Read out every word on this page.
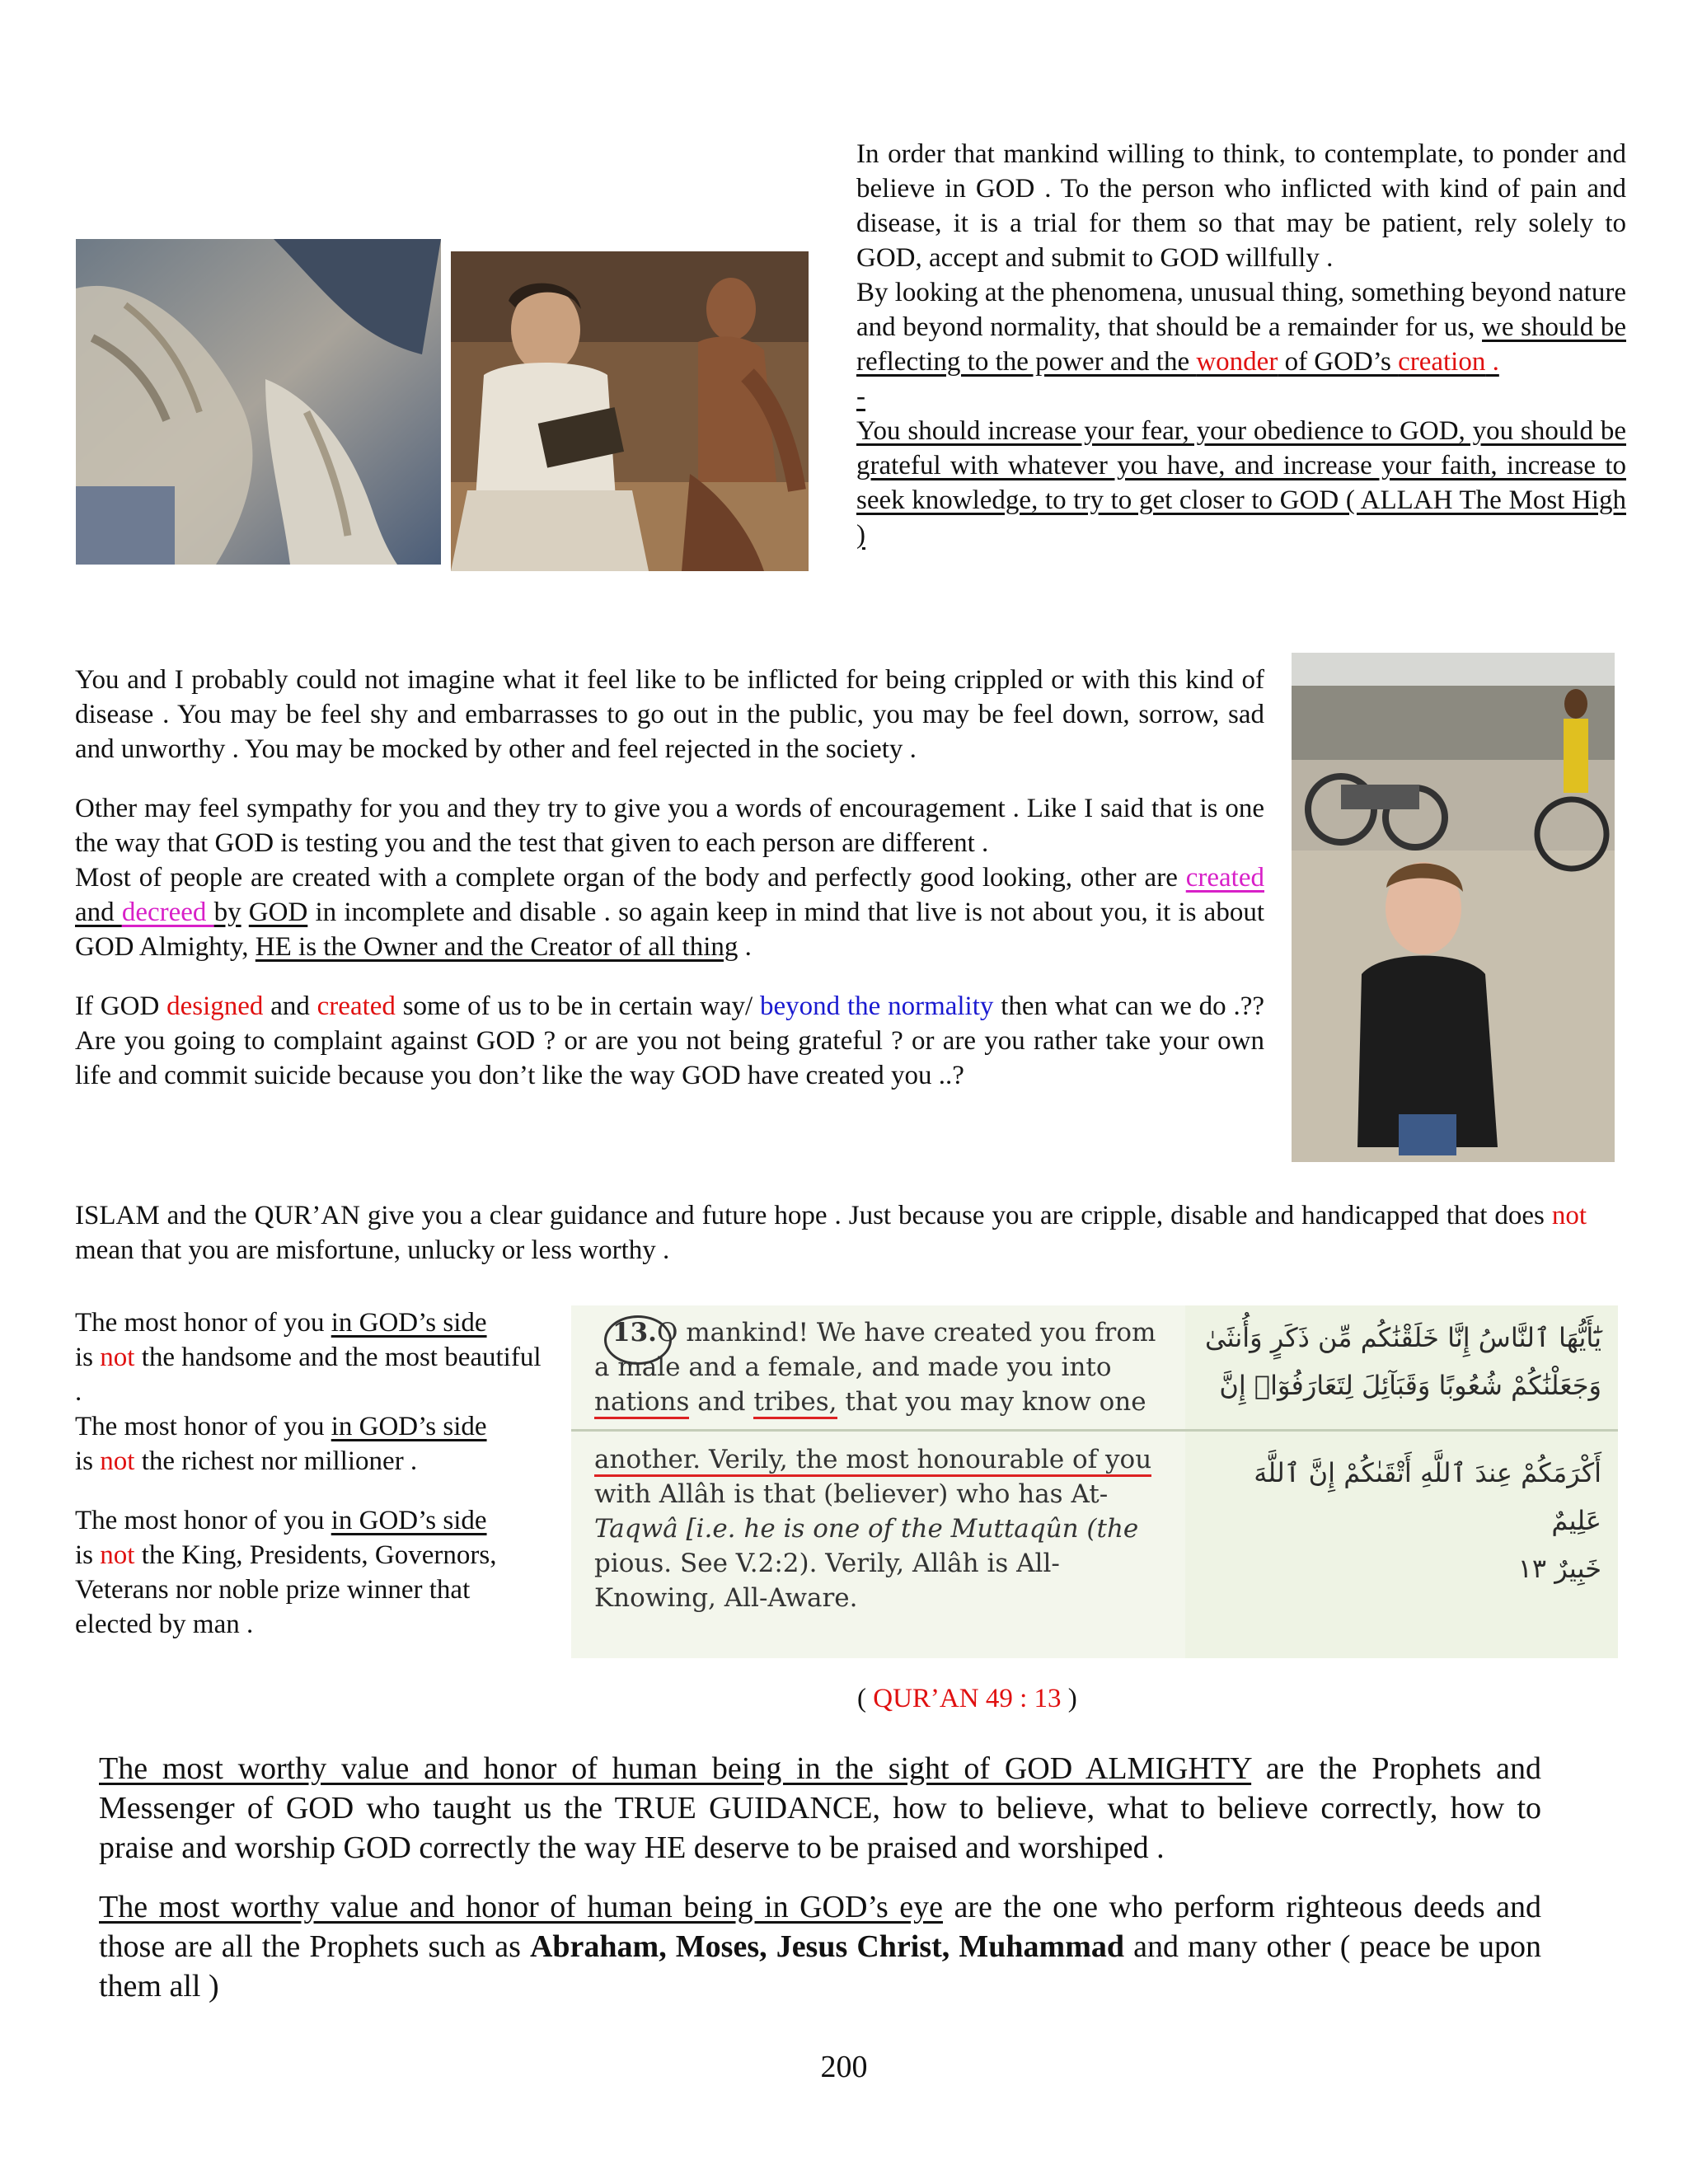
In order that mankind willing to think, to contemplate, to ponder and believe in GOD . To the person who inflicted with kind of pain and disease, it is a trial for them so that may be patient, rely solely to GOD, accept and submit to GOD willfully .

By looking at the phenomena, unusual thing, something beyond nature and beyond normality, that should be a remainder for us, we should be reflecting to the power and the wonder of GOD’s creation .

-

You should increase your fear, your obedience to GOD, you should be grateful with whatever you have, and increase your faith, increase to seek knowledge, to try to get closer to GOD ( ALLAH The Most High )

You and I probably could not imagine what it feel like to be inflicted for being crippled or with this kind of disease . You may be feel shy and embarrasses to go out in the public, you may be feel down, sorrow, sad and unworthy . You may be mocked by other and feel rejected in the society .

Other may feel sympathy for you and they try to give you a words of encouragement . Like I said that is one the way that GOD is testing you and the test that given to each person are different .

Most of people are created with a complete organ of the body and perfectly good looking, other are created and decreed by GOD in incomplete and disable . so again keep in mind that live is not about you, it is about GOD Almighty, HE is the Owner and the Creator of all thing .

If GOD designed and created some of us to be in certain way/ beyond the normality then what can we do .?? Are you going to complaint against GOD ? or are you not being grateful ? or are you rather take your own life and commit suicide because you don’t like the way GOD have created you ..?

ISLAM and the QUR’AN give you a clear guidance and future hope . Just because you are cripple, disable and handicapped that does not mean that you are misfortune, unlucky or less worthy .

The most honor of you in GOD’s side
is not the handsome and the most beautiful .

The most honor of you in GOD’s side
is not the richest nor millioner .

The most honor of you in GOD’s side
is not the King, Presidents, Governors, Veterans nor noble prize winner that elected by man .

13.O mankind! We have created you from
a male and a female, and made you into
nations and tribes, that you may know one
another. Verily, the most honourable of you
with Allâh is that (believer) who has At-
Taqwâ [i.e. he is one of the Muttaqûn (the
pious. See V.2:2). Verily, Allâh is All-
Knowing, All-Aware.
يَٰٓأَيُّهَا ٱلنَّاسُ إِنَّا خَلَقْنَٰكُم مِّن ذَكَرٍ وَأُنثَىٰ
وَجَعَلْنَٰكُمْ شُعُوبًا وَقَبَآئِلَ لِتَعَارَفُوٓا۟ إِنَّ
أَكْرَمَكُمْ عِندَ ٱللَّهِ أَتْقَىٰكُمْ إِنَّ ٱللَّهَ عَلِيمٌ
خَبِيرٌ ١٣
( QUR’AN 49 : 13 )

The most worthy value and honor of human being in the sight of GOD ALMIGHTY are the Prophets and Messenger of GOD who taught us the TRUE GUIDANCE, how to believe, what to believe correctly, how to praise and worship GOD correctly the way HE deserve to be praised and worshiped .

The most worthy value and honor of human being in GOD’s eye are the one who perform righteous deeds and those are all the Prophets such as Abraham, Moses, Jesus Christ, Muhammad and many other ( peace be upon them all )

200
